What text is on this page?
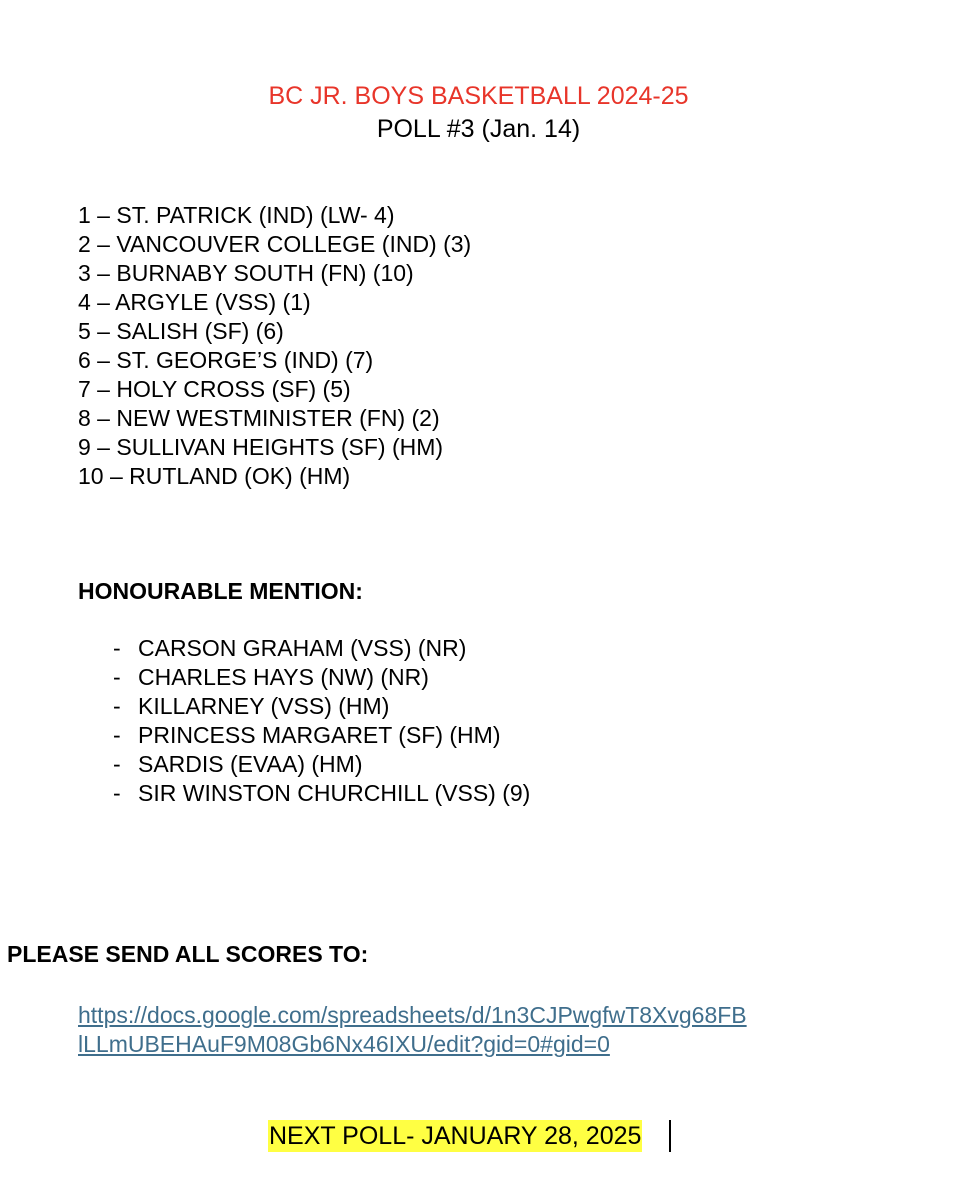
BC JR. BOYS BASKETBALL 2024-25
POLL #3 (Jan. 14)
1 – ST. PATRICK (IND) (LW- 4)
2 – VANCOUVER COLLEGE (IND) (3)
3 – BURNABY SOUTH (FN) (10)
4 – ARGYLE (VSS) (1)
5 – SALISH (SF) (6)
6 – ST. GEORGE’S (IND) (7)
7 – HOLY CROSS (SF) (5)
8 – NEW WESTMINISTER (FN) (2)
9 – SULLIVAN HEIGHTS (SF) (HM)
10 – RUTLAND (OK) (HM)
HONOURABLE MENTION:
- CARSON GRAHAM (VSS) (NR)
- CHARLES HAYS (NW) (NR)
- KILLARNEY (VSS) (HM)
- PRINCESS MARGARET (SF) (HM)
- SARDIS (EVAA) (HM)
- SIR WINSTON CHURCHILL (VSS) (9)
PLEASE SEND ALL SCORES TO:
https://docs.google.com/spreadsheets/d/1n3CJPwgfwT8Xvg68FB
lLLmUBEHAuF9M08Gb6Nx46IXU/edit?gid=0#gid=0
NEXT POLL- JANUARY 28, 2025
